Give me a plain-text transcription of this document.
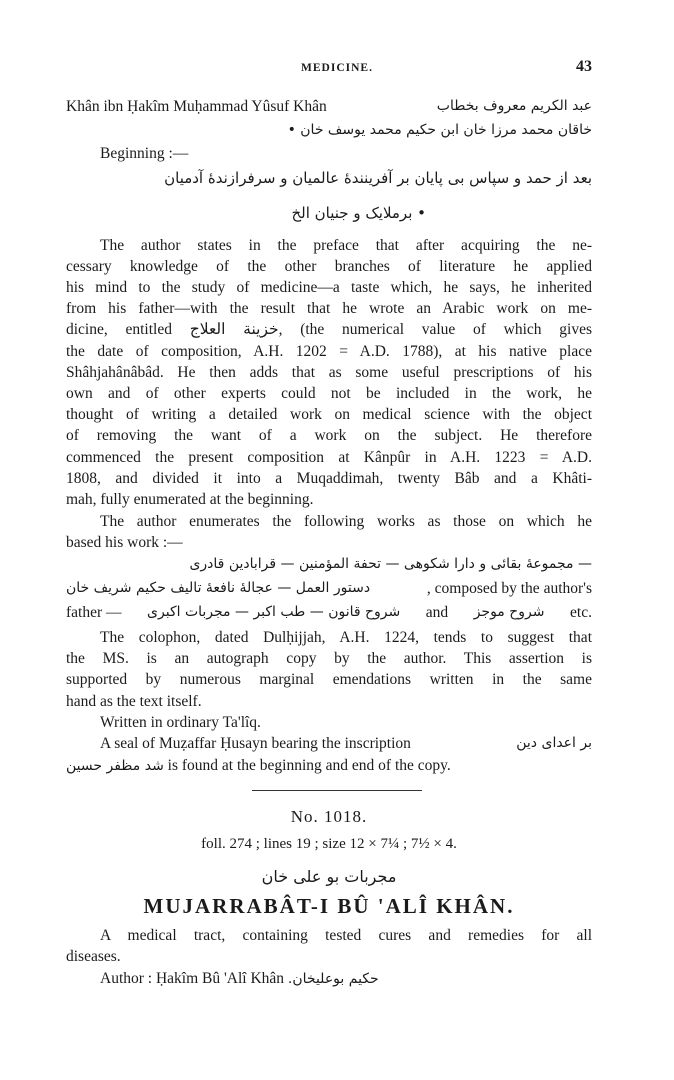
MEDICINE.	43
Khân ibn Ḥakîm Muḥammad Yûsuf Khân	عبد الكريم معروف بخطاب
خاقان محمد مرزا خان ابن حكيم محمد يوسف خان •
Beginning :—
بعد از حمد و سپاس بی پایان بر آفرینندۀ عالمیان و سرفرازندۀ آدمیان
• برملایک و جنیان الخ
The author states in the preface that after acquiring the ne-
cessary knowledge of the other branches of literature he applied
his mind to the study of medicine—a taste which, he says, he inherited
from his father—with the result that he wrote an Arabic work on me-
dicine, entitled خزينة العلاج, (the numerical value of which gives
the date of composition, A.H. 1202 = A.D. 1788), at his native place
Shâhjahânâbâd. He then adds that as some useful prescriptions of his
own and of other experts could not be included in the work, he
thought of writing a detailed work on medical science with the object
of removing the want of a work on the subject. He therefore
commenced the present composition at Kânpûr in A.H. 1223 = A.D.
1808, and divided it into a Muqaddimah, twenty Bâb and a Khâti-
mah, fully enumerated at the beginning.
The author enumerates the following works as those on which he
based his work :—
— مجموعۀ بقائی و دارا شکوهی — تحفة المؤمنین — قرابادین قادری
دستور العمل — عجالۀ نافعۀ تاليف حكيم شريف خان	, composed by the author's
father — شروح قانون — طب اکبر — مجربات اکبری and شروح موجز etc.
The colophon, dated Dulḥijjah, A.H. 1224, tends to suggest that
the MS. is an autograph copy by the author. This assertion is
supported by numerous marginal emendations written in the same
hand as the text itself.
Written in ordinary Ta'lîq.
A seal of Muẓaffar Ḥusayn bearing the inscription	بر اعدای دین
شد مظفر حسین is found at the beginning and end of the copy.
No. 1018.
foll. 274 ; lines 19 ; size 12 × 7¼ ; 7½ × 4.
مجربات بو علی خان
MUJARRABÂT-I BÛ 'ALÎ KHÂN.
A medical tract, containing tested cures and remedies for all
diseases.
Author : Ḥakîm Bû 'Alî Khân حكيم بوعليخان.
